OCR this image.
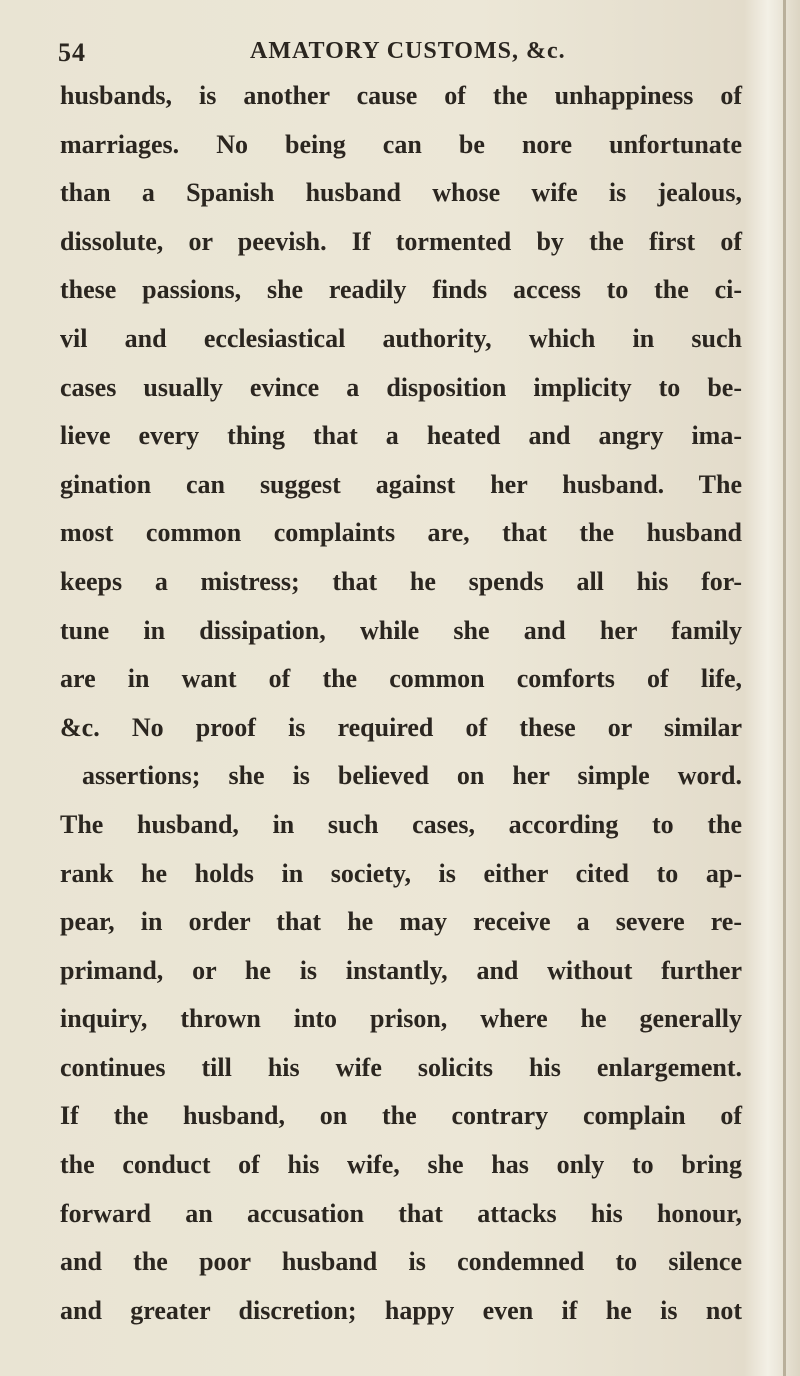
54	AMATORY CUSTOMS, &c.
husbands, is another cause of the unhappiness of
marriages. No being can be nore unfortunate
than a Spanish husband whose wife is jealous,
dissolute, or peevish. If tormented by the first of
these passions, she readily finds access to the ci-
vil and ecclesiastical authority, which in such
cases usually evince a disposition implicity to be-
lieve every thing that a heated and angry ima-
gination can suggest against her husband. The
most common complaints are, that the husband
keeps a mistress; that he spends all his for-
tune in dissipation, while she and her family
are in want of the common comforts of life,
&c. No proof is required of these or similar
assertions; she is believed on her simple word.
The husband, in such cases, according to the
rank he holds in society, is either cited to ap-
pear, in order that he may receive a severe re-
primand, or he is instantly, and without further
inquiry, thrown into prison, where he generally
continues till his wife solicits his enlargement.
If the husband, on the contrary complain of
the conduct of his wife, she has only to bring
forward an accusation that attacks his honour,
and the poor husband is condemned to silence
and greater discretion; happy even if he is not
